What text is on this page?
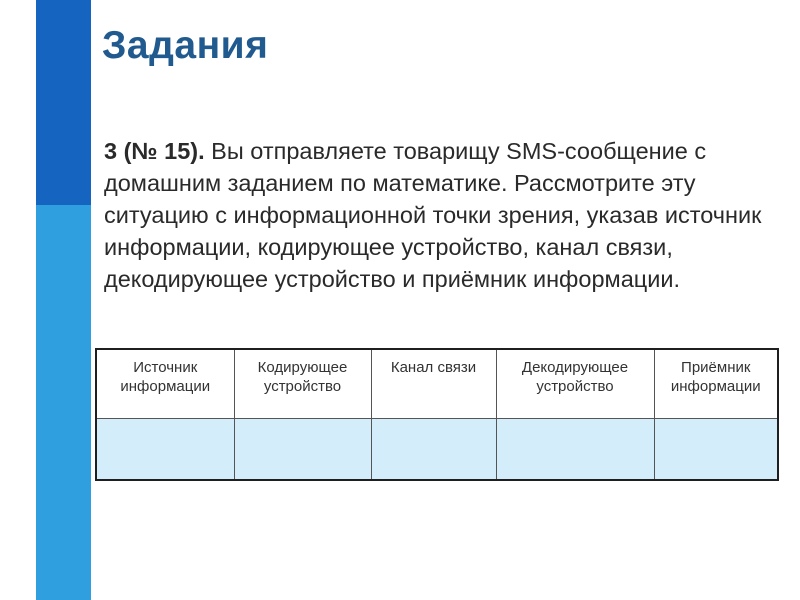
Задания

3 (№ 15). Вы отправляете товарищу SMS-сообщение с домашним заданием по математике. Рассмотрите эту ситуацию с информационной точки зрения, указав источник информации, кодирующее устройство, канал связи, декодирующее устройство и приёмник информации.

Источник
информации	Кодирующее
устройство	Канал связи	Декодирующее
устройство	Приёмник
информации
